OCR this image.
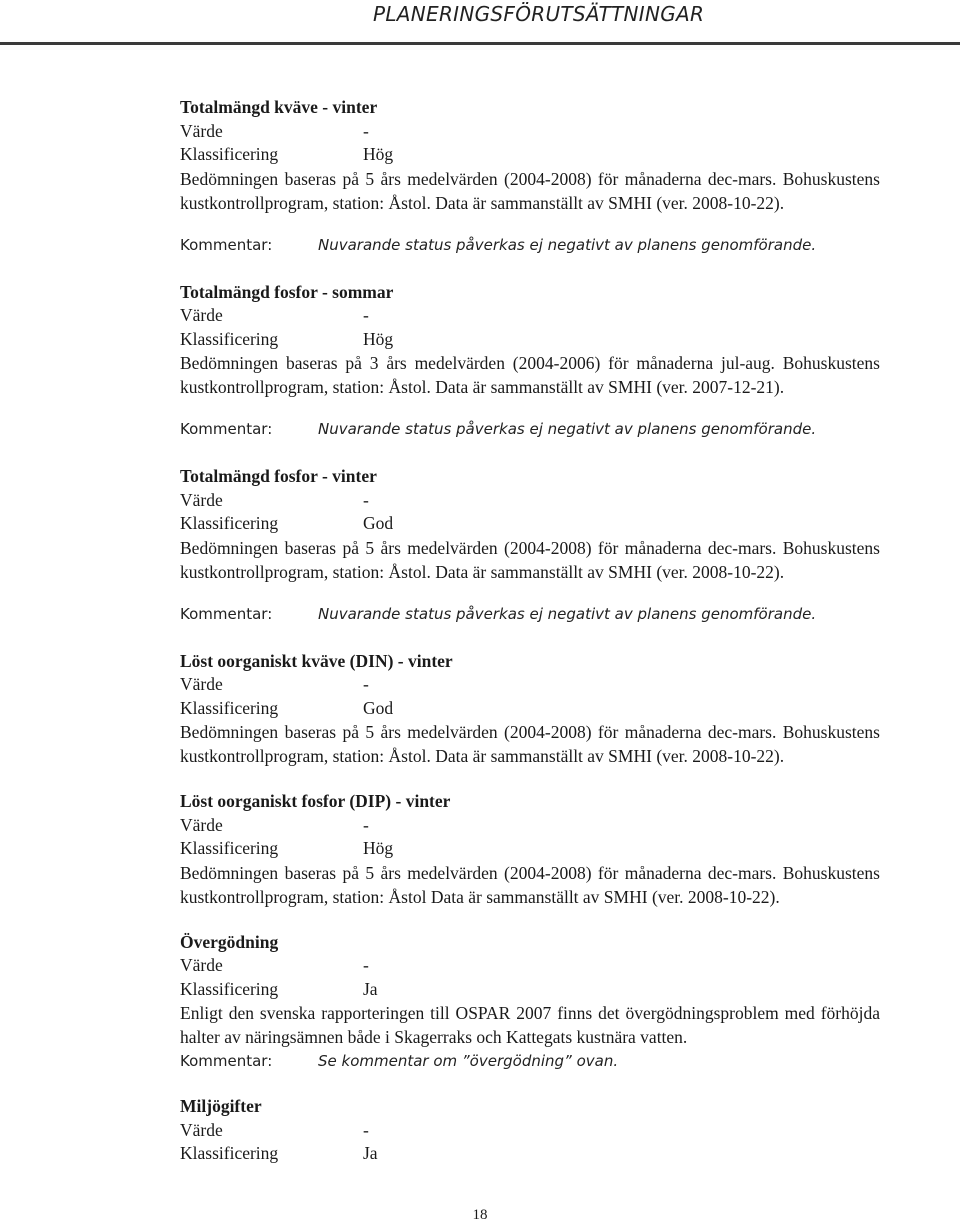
PLANERINGSFÖRUTSÄTTNINGAR
Totalmängd kväve - vinter
Värde	-
Klassificering	Hög
Bedömningen baseras på 5 års medelvärden (2004-2008) för månaderna dec-mars. Bohuskustens kustkontrollprogram, station: Åstol. Data är sammanställt av SMHI (ver. 2008-10-22).
Kommentar:	Nuvarande status påverkas ej negativt av planens genomförande.
Totalmängd fosfor - sommar
Värde	-
Klassificering	Hög
Bedömningen baseras på 3 års medelvärden (2004-2006) för månaderna jul-aug. Bohuskustens kustkontrollprogram, station: Åstol. Data är sammanställt av SMHI (ver. 2007-12-21).
Kommentar:	Nuvarande status påverkas ej negativt av planens genomförande.
Totalmängd fosfor - vinter
Värde	-
Klassificering	God
Bedömningen baseras på 5 års medelvärden (2004-2008) för månaderna dec-mars. Bohuskustens kustkontrollprogram, station: Åstol. Data är sammanställt av SMHI (ver. 2008-10-22).
Kommentar:	Nuvarande status påverkas ej negativt av planens genomförande.
Löst oorganiskt kväve (DIN) - vinter
Värde	-
Klassificering	God
Bedömningen baseras på 5 års medelvärden (2004-2008) för månaderna dec-mars. Bohuskustens kustkontrollprogram, station: Åstol. Data är sammanställt av SMHI (ver. 2008-10-22).
Löst oorganiskt fosfor (DIP) - vinter
Värde	-
Klassificering	Hög
Bedömningen baseras på 5 års medelvärden (2004-2008) för månaderna dec-mars. Bohuskustens kustkontrollprogram, station: Åstol Data är sammanställt av SMHI (ver. 2008-10-22).
Övergödning
Värde	-
Klassificering	Ja
Enligt den svenska rapporteringen till OSPAR 2007 finns det övergödningsproblem med förhöjda halter av näringsämnen både i Skagerraks och Kattegats kustnära vatten.
Kommentar:	Se kommentar om ”övergödning” ovan.
Miljögifter
Värde	-
Klassificering	Ja
18
